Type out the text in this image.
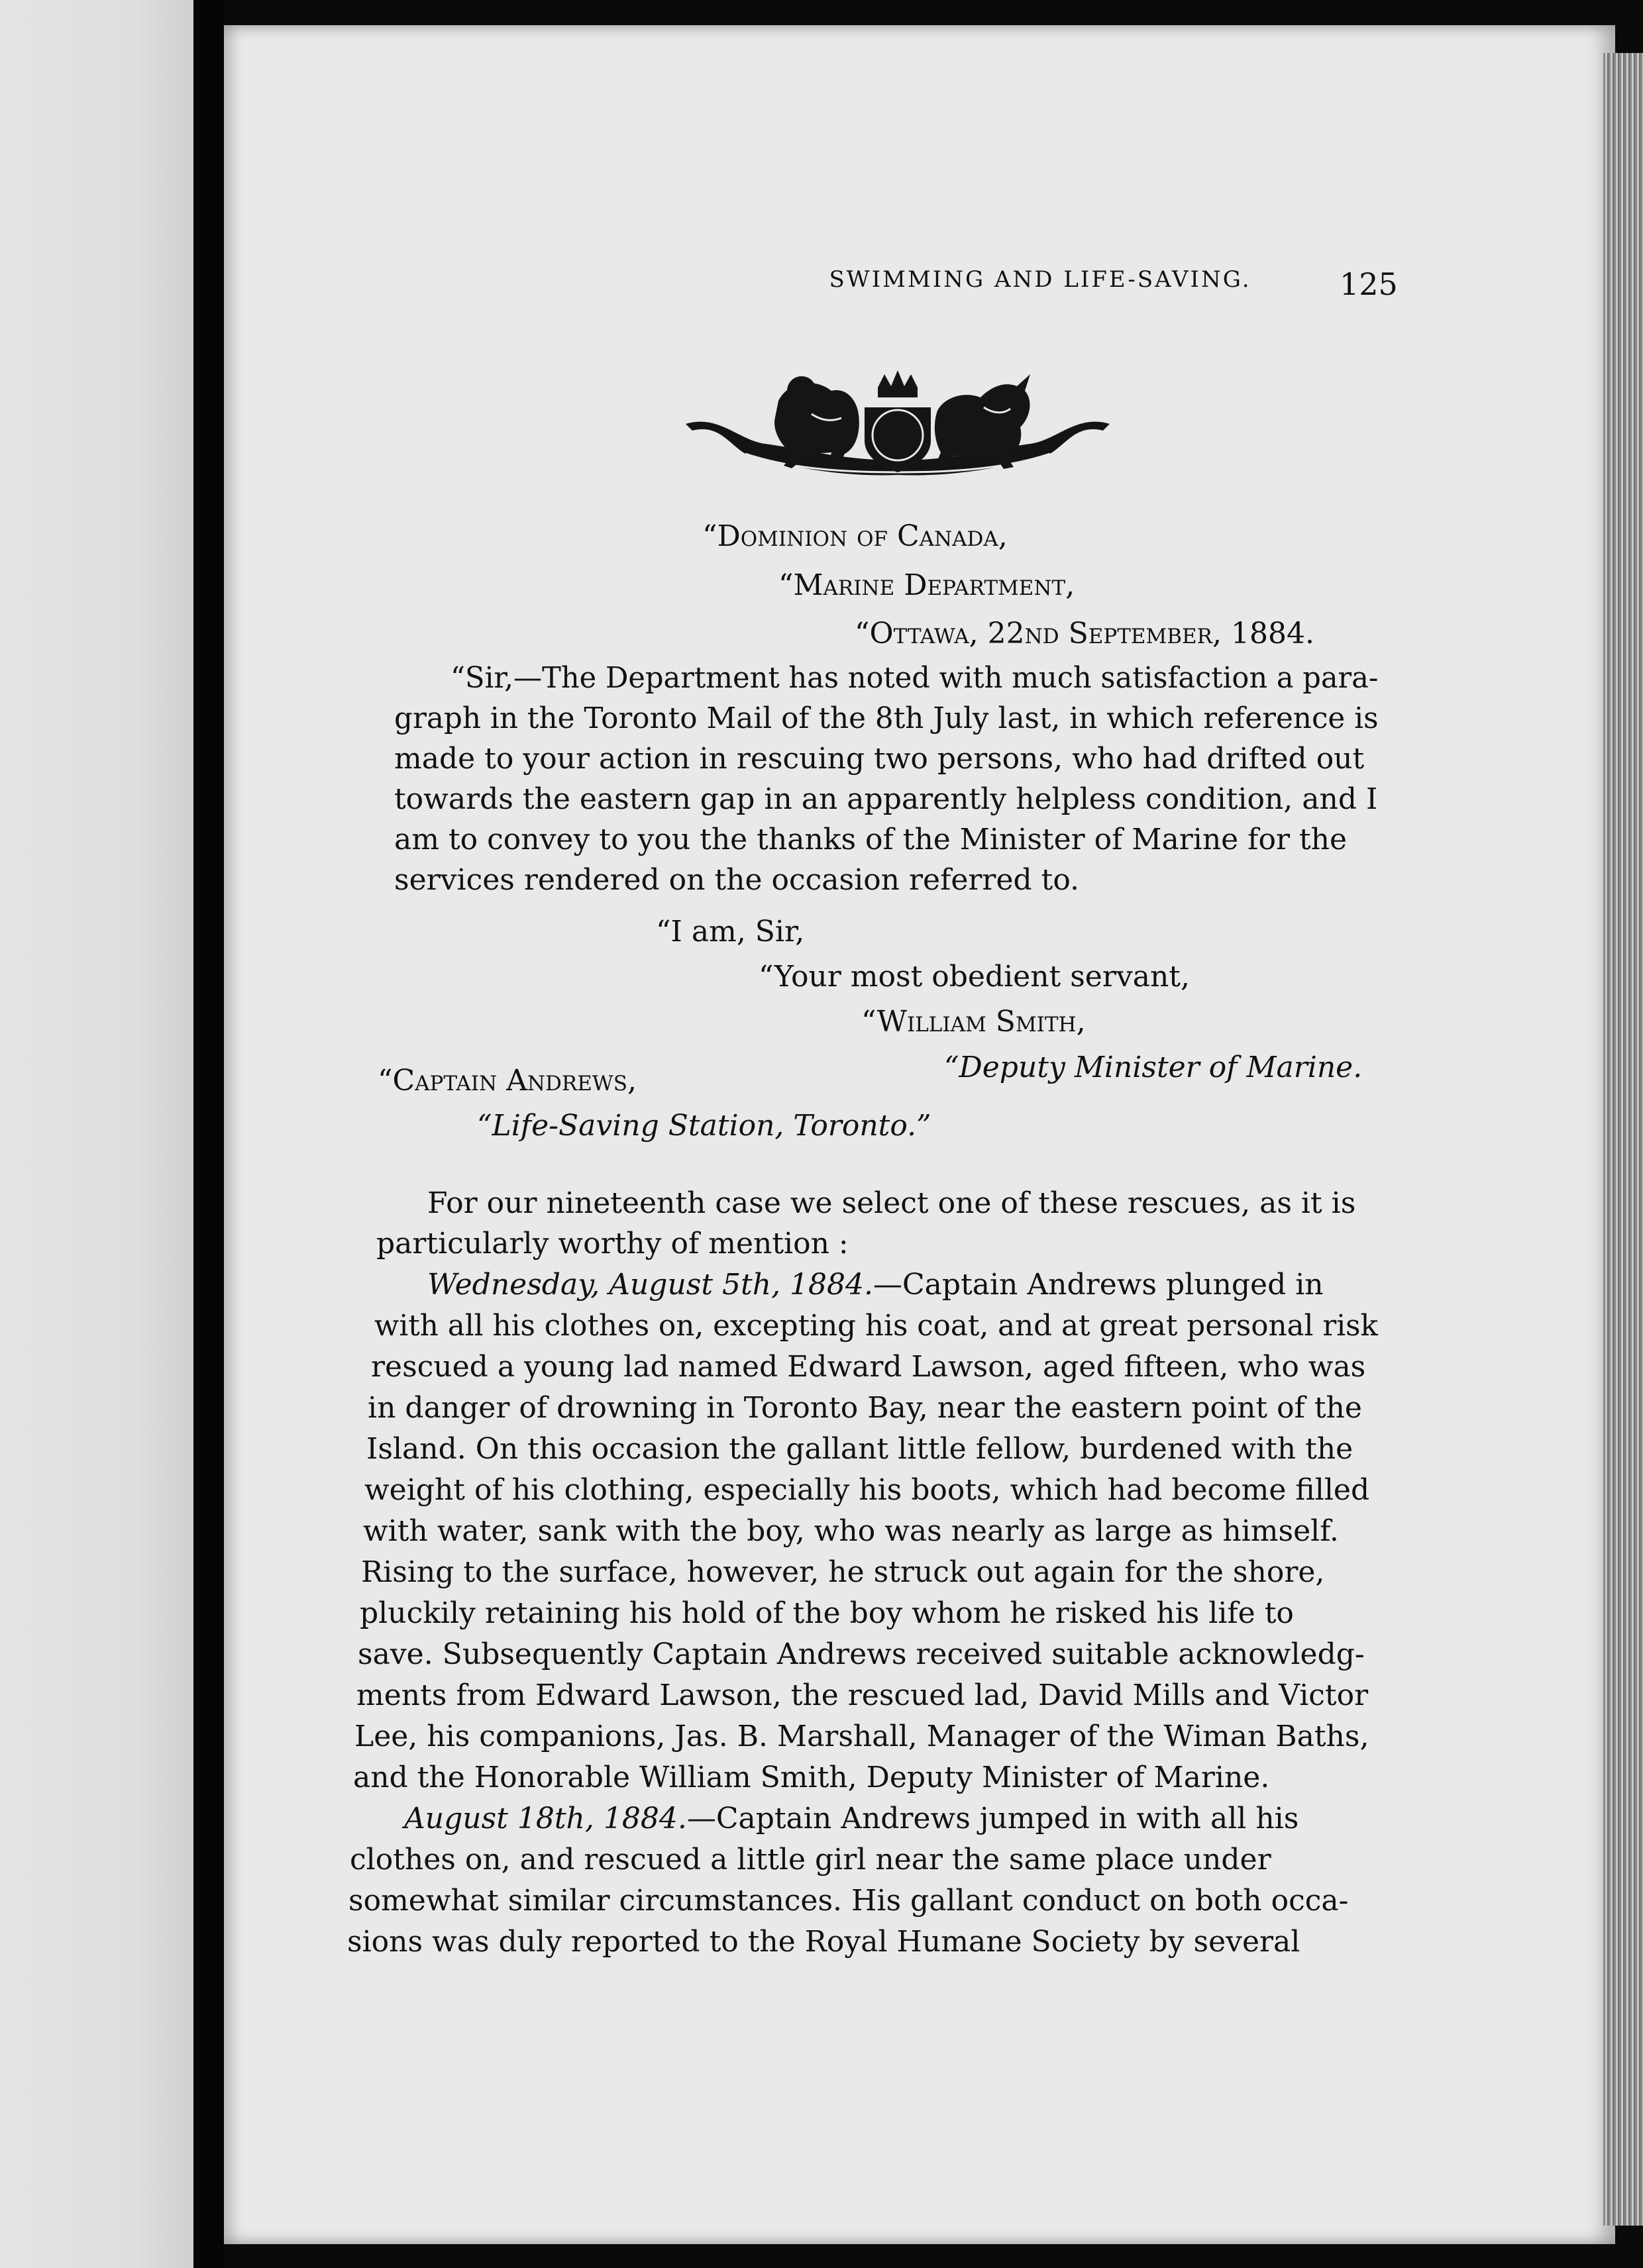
SWIMMING AND LIFE-SAVING.	125
“Dominion of Canada,
“Marine Department,
“Ottawa, 22nd September, 1884.
“Sir,—The Department has noted with much satisfaction a para-
graph in the Toronto Mail of the 8th July last, in which reference is
made to your action in rescuing two persons, who had drifted out
towards the eastern gap in an apparently helpless condition, and I
am to convey to you the thanks of the Minister of Marine for the
services rendered on the occasion referred to.
“I am, Sir,
“Your most obedient servant,
“William Smith,
“Deputy Minister of Marine.
“Captain Andrews,
“Life-Saving Station, Toronto.”
For our nineteenth case we select one of these rescues, as it is
particularly worthy of mention :
Wednesday, August 5th, 1884.—Captain Andrews plunged in
with all his clothes on, excepting his coat, and at great personal risk
rescued a young lad named Edward Lawson, aged fifteen, who was
in danger of drowning in Toronto Bay, near the eastern point of the
Island. On this occasion the gallant little fellow, burdened with the
weight of his clothing, especially his boots, which had become filled
with water, sank with the boy, who was nearly as large as himself.
Rising to the surface, however, he struck out again for the shore,
pluckily retaining his hold of the boy whom he risked his life to
save. Subsequently Captain Andrews received suitable acknowledg-
ments from Edward Lawson, the rescued lad, David Mills and Victor
Lee, his companions, Jas. B. Marshall, Manager of the Wiman Baths,
and the Honorable William Smith, Deputy Minister of Marine.
August 18th, 1884.—Captain Andrews jumped in with all his
clothes on, and rescued a little girl near the same place under
somewhat similar circumstances. His gallant conduct on both occa-
sions was duly reported to the Royal Humane Society by several
